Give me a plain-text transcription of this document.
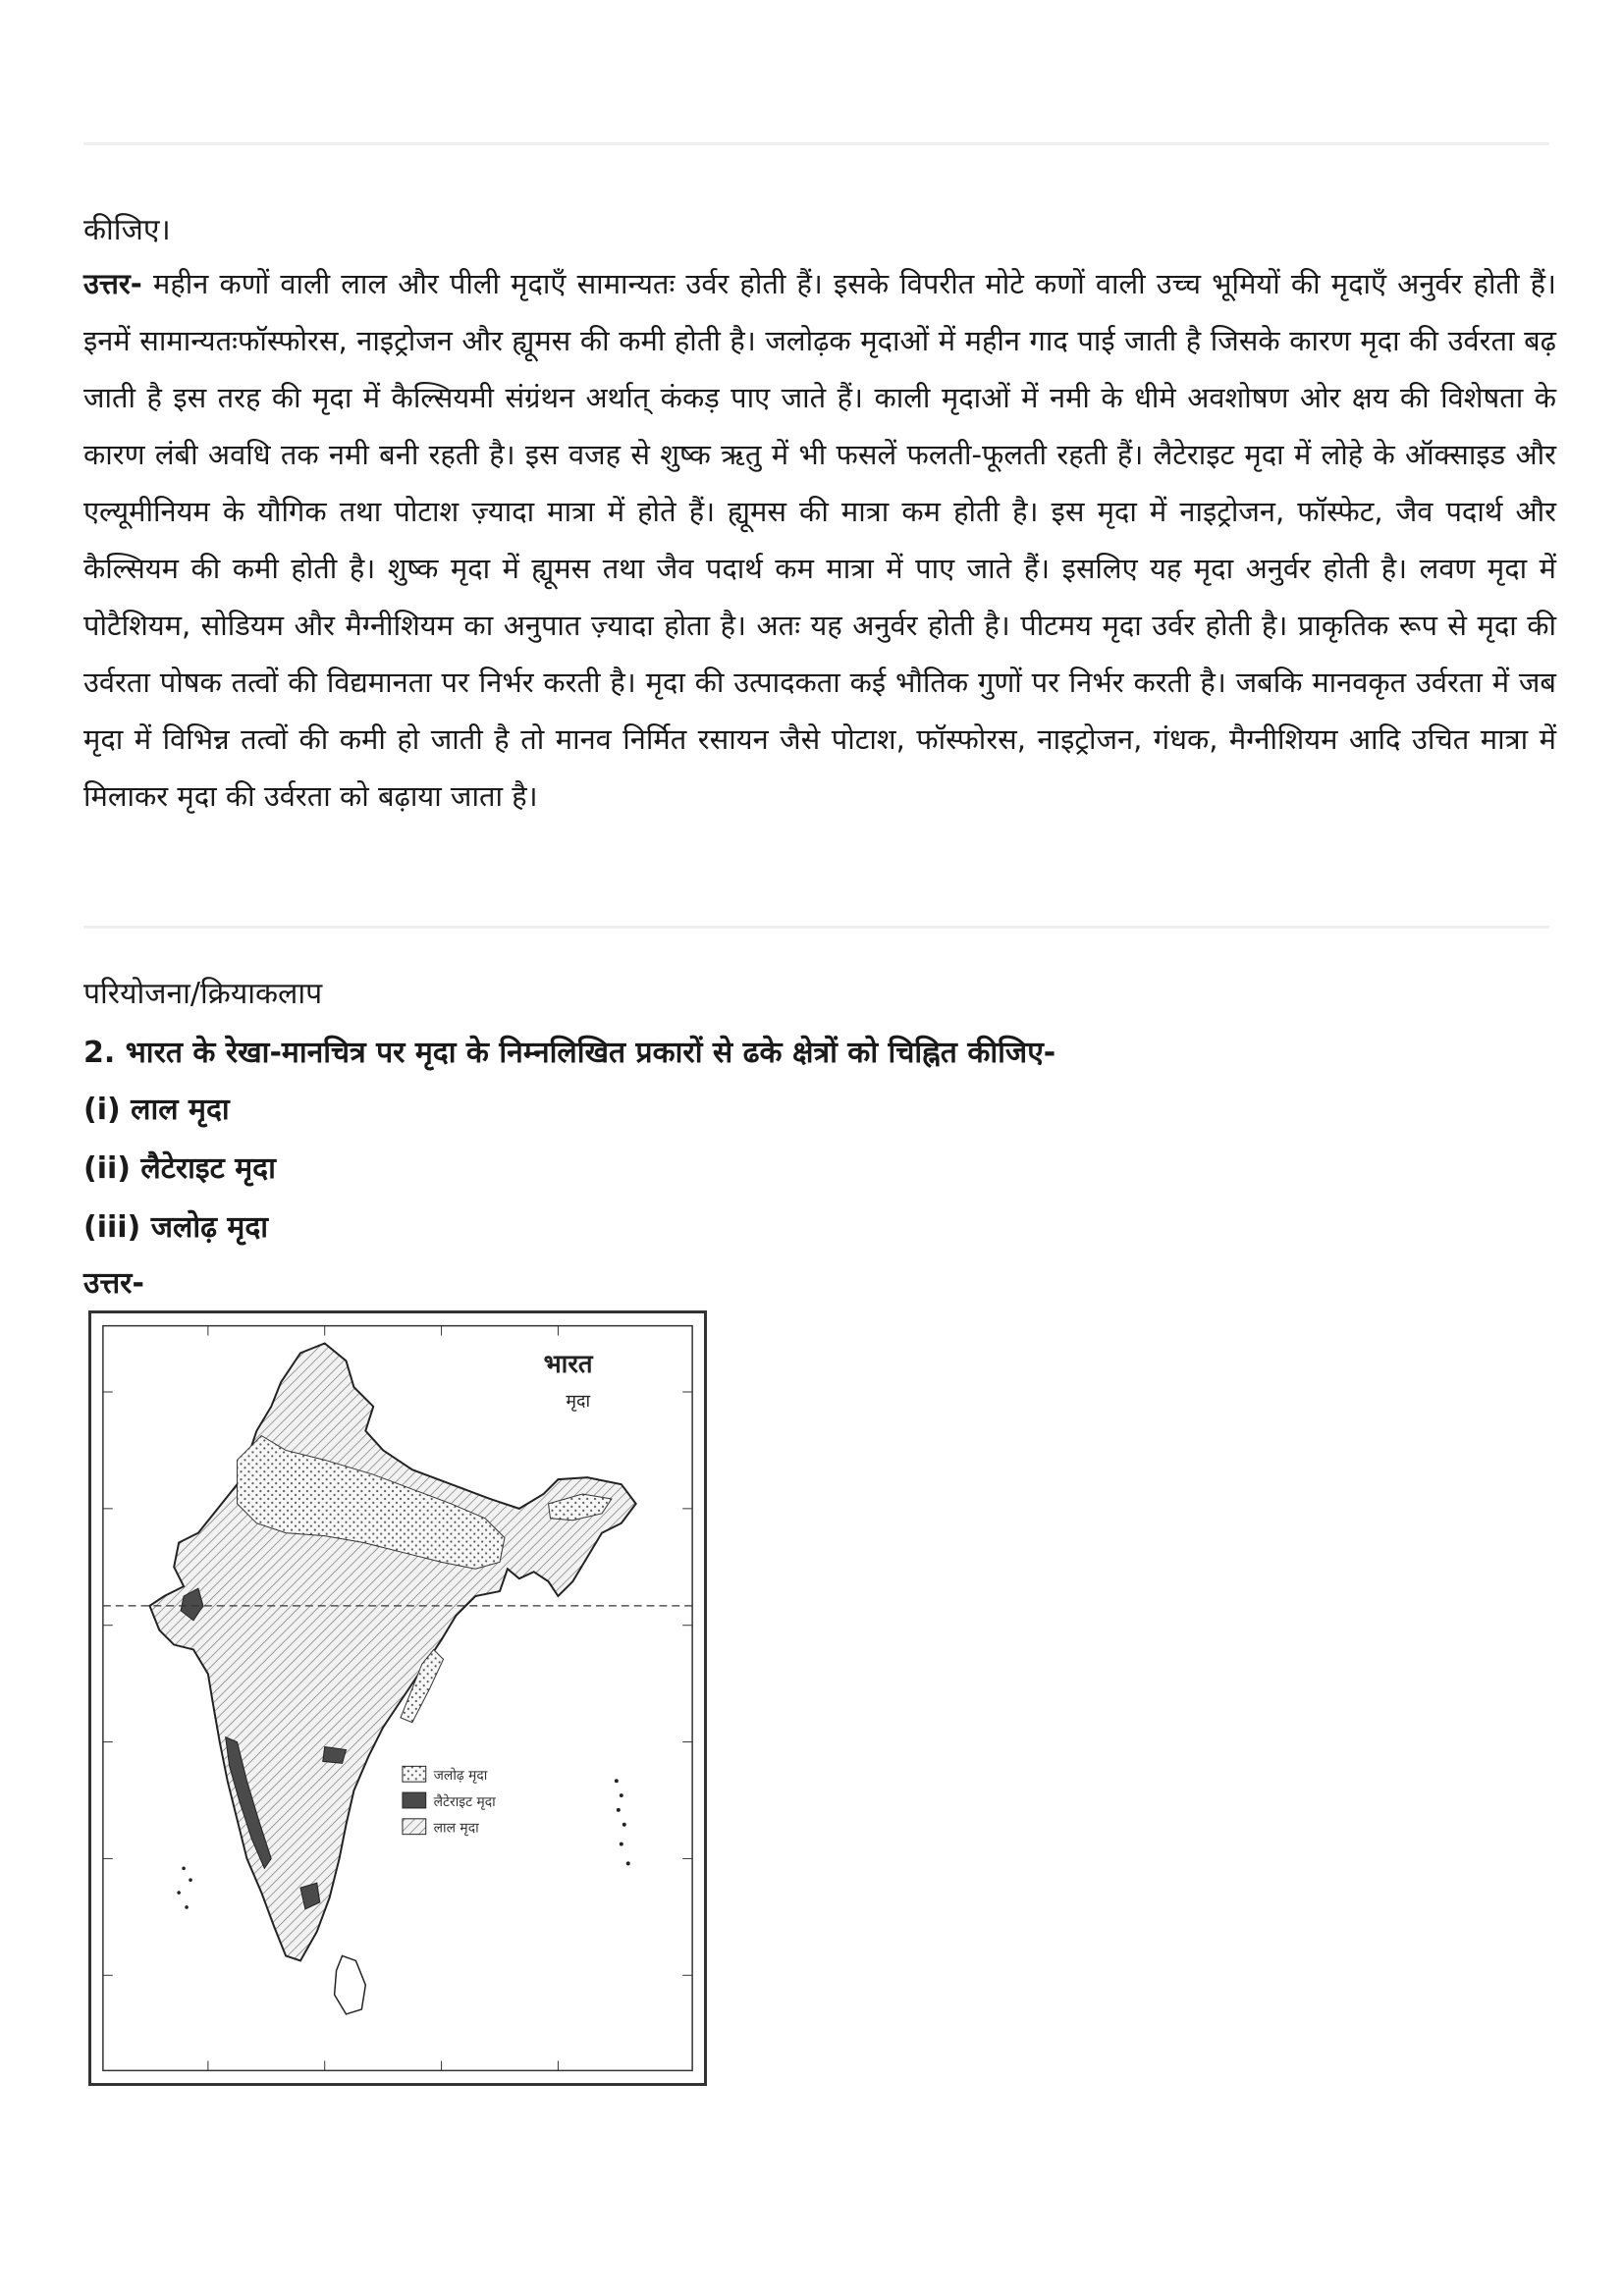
कीजिए।

उत्तर- महीन कणों वाली लाल और पीली मृदाएँ सामान्यतः उर्वर होती हैं। इसके विपरीत मोटे कणों वाली उच्च भूमियों की मृदाएँ अनुर्वर होती हैं। इनमें सामान्यतःफॉस्फोरस, नाइट्रोजन और ह्यूमस की कमी होती है। जलोढ़क मृदाओं में महीन गाद पाई जाती है जिसके कारण मृदा की उर्वरता बढ़ जाती है इस तरह की मृदा में कैल्सियमी संग्रंथन अर्थात् कंकड़ पाए जाते हैं। काली मृदाओं में नमी के धीमे अवशोषण ओर क्षय की विशेषता के कारण लंबी अवधि तक नमी बनी रहती है। इस वजह से शुष्क ऋतु में भी फसलें फलती-फूलती रहती हैं। लैटेराइट मृदा में लोहे के ऑक्साइड और एल्यूमीनियम के यौगिक तथा पोटाश ज़्यादा मात्रा में होते हैं। ह्यूमस की मात्रा कम होती है। इस मृदा में नाइट्रोजन, फॉस्फेट, जैव पदार्थ और कैल्सियम की कमी होती है। शुष्क मृदा में ह्यूमस तथा जैव पदार्थ कम मात्रा में पाए जाते हैं। इसलिए यह मृदा अनुर्वर होती है। लवण मृदा में पोटैशियम, सोडियम और मैग्नीशियम का अनुपात ज़्यादा होता है। अतः यह अनुर्वर होती है। पीटमय मृदा उर्वर होती है। प्राकृतिक रूप से मृदा की उर्वरता पोषक तत्वों की विद्यमानता पर निर्भर करती है। मृदा की उत्पादकता कई भौतिक गुणों पर निर्भर करती है। जबकि मानवकृत उर्वरता में जब मृदा में विभिन्न तत्वों की कमी हो जाती है तो मानव निर्मित रसायन जैसे पोटाश, फॉस्फोरस, नाइट्रोजन, गंधक, मैग्नीशियम आदि उचित मात्रा में मिलाकर मृदा की उर्वरता को बढ़ाया जाता है।

परियोजना/क्रियाकलाप

2. भारत के रेखा-मानचित्र पर मृदा के निम्नलिखित प्रकारों से ढके क्षेत्रों को चिह्नित कीजिए-

(i) लाल मृदा

(ii) लैटेराइट मृदा

(iii) जलोढ़ मृदा

उत्तर-

भारत
मृदा
जलोढ़ मृदा
लैटेराइट मृदा
लाल मृदा
